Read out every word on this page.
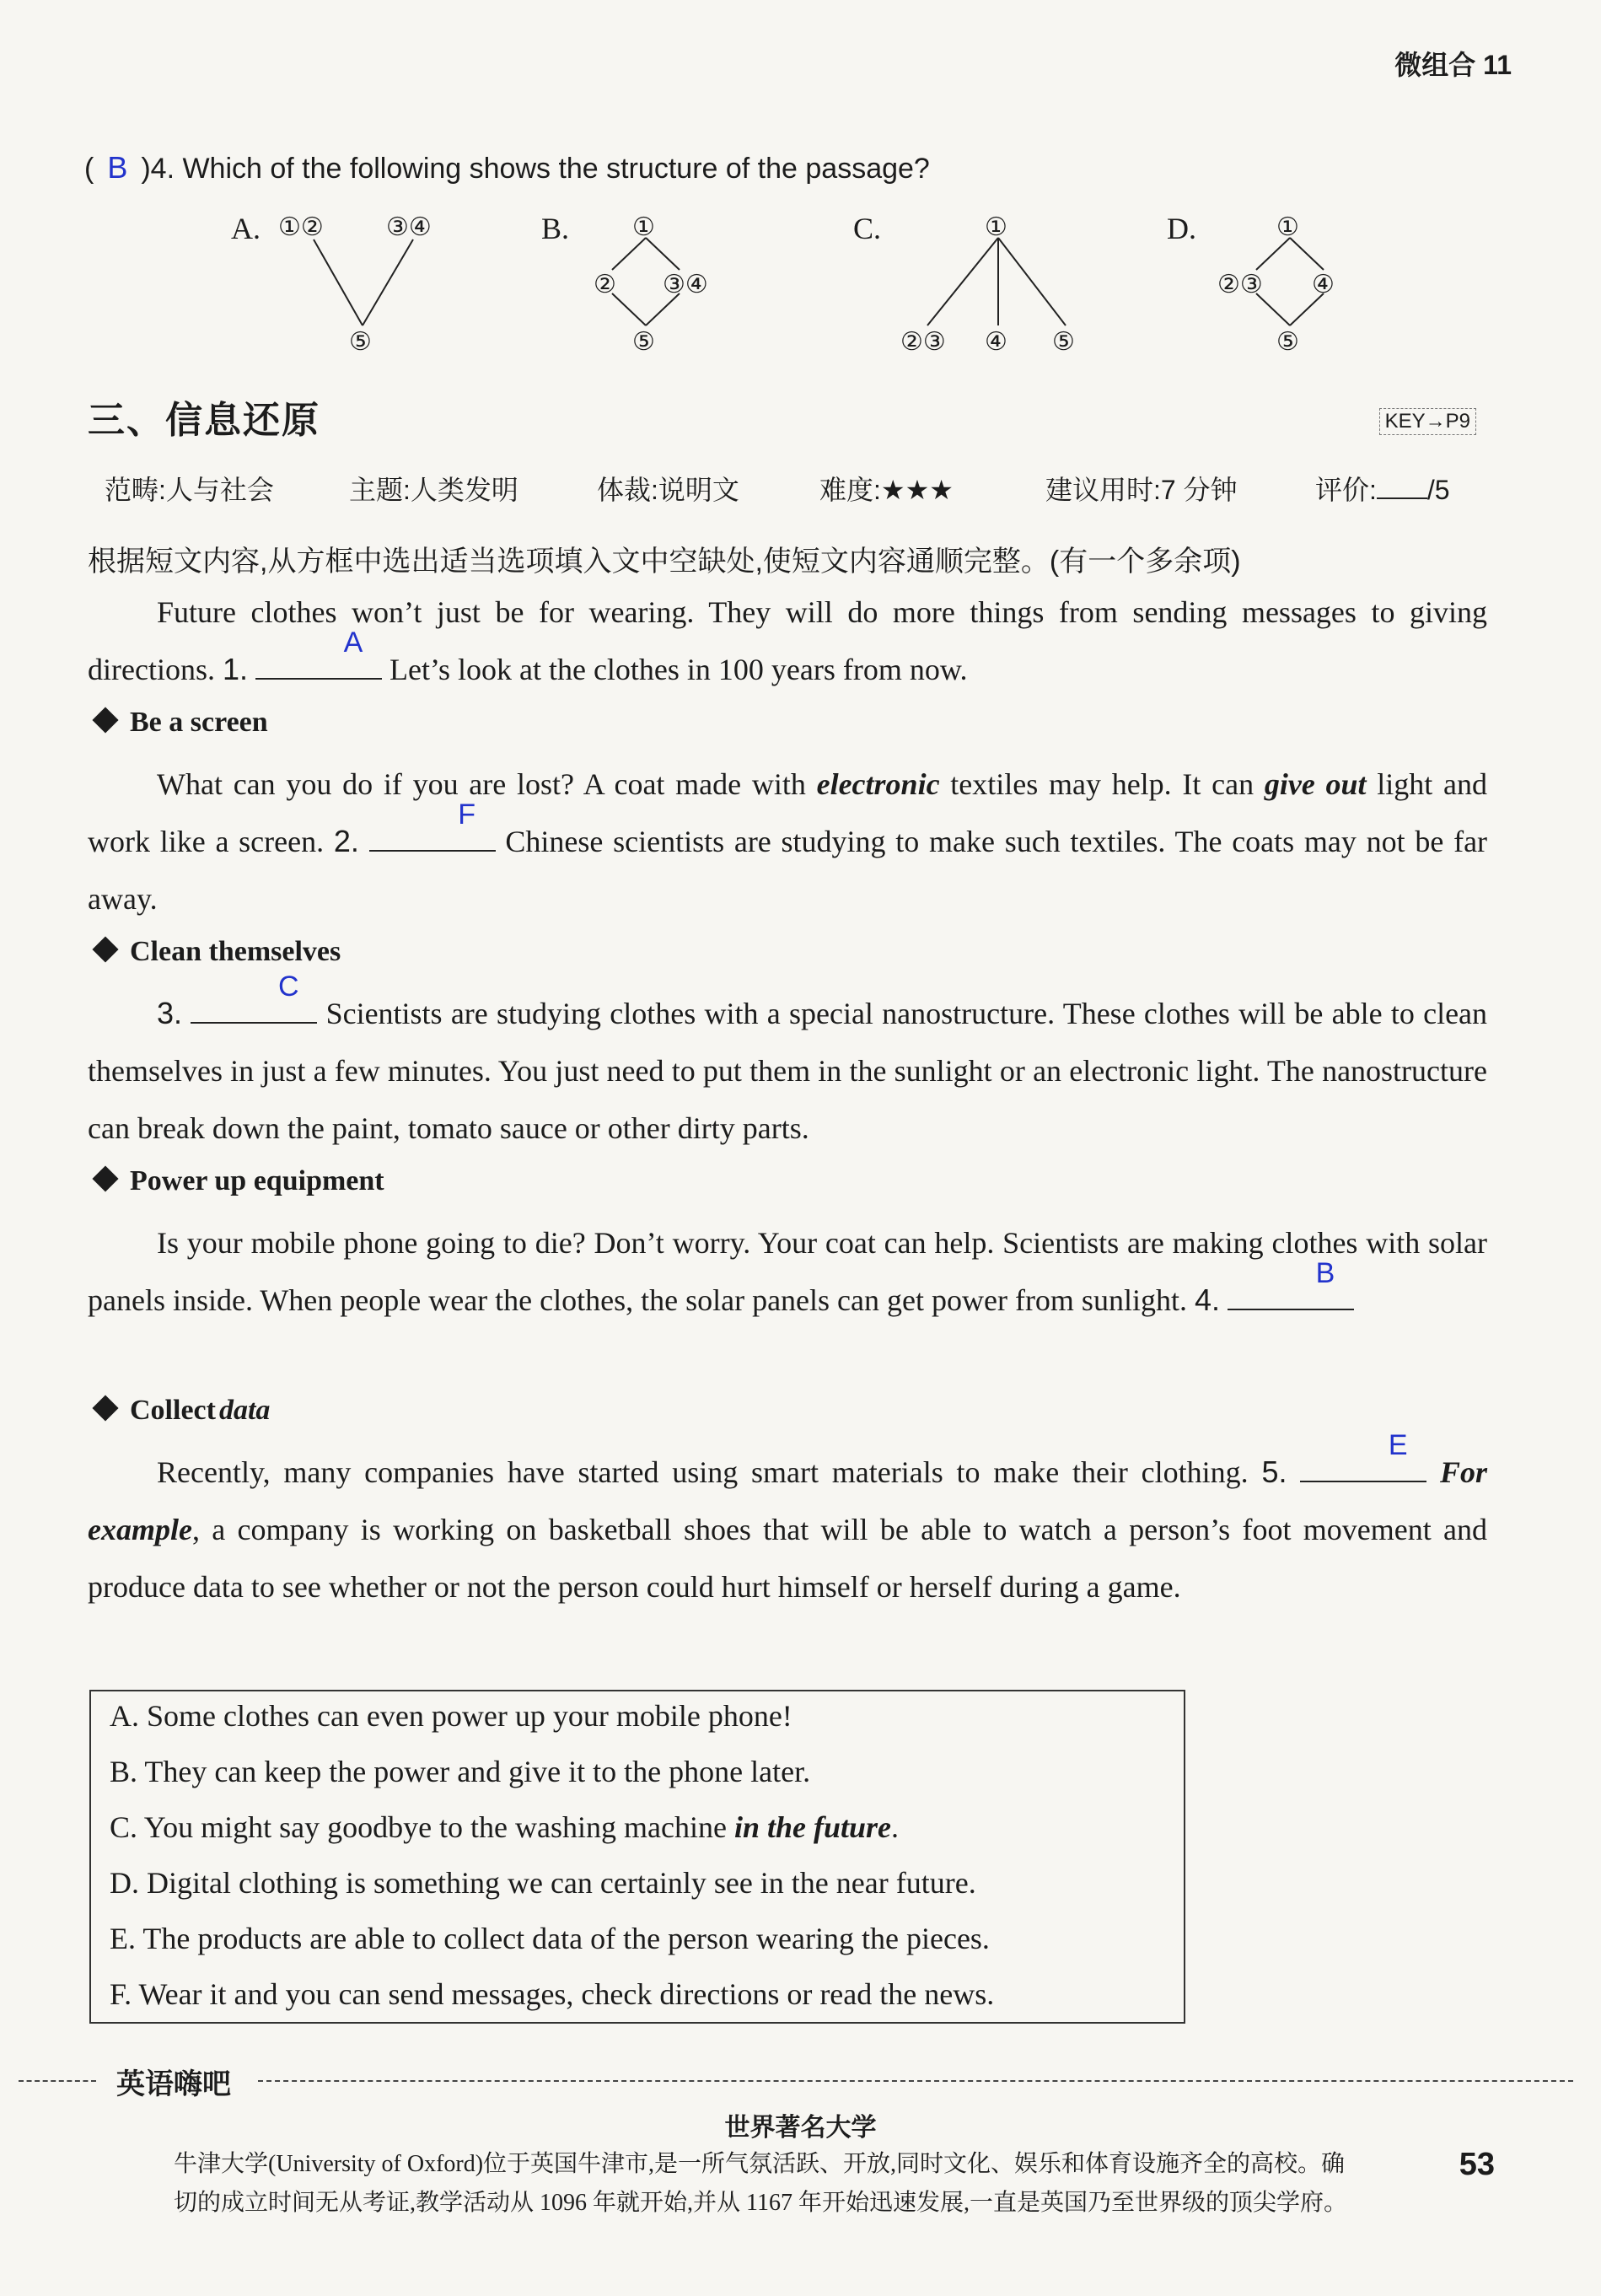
微组合 11
( B )4. Which of the following shows the structure of the passage?
A. ①② ③④
⑤
B. ①
② ③④
⑤
C.	①
②③ ④ ⑤
D.	①
②③ ④
⑤
三、信息还原	KEY→P9
范畴:人与社会	主题:人类发明	体裁:说明文	难度:★★★	建议用时:7 分钟	评价: /5
根据短文内容,从方框中选出适当选项填入文中空缺处,使短文内容通顺完整。(有一个多余项)

Future clothes won’t just be for wearing. They will do more things from sending messages to giving directions. 1.
A
Let’s look at the clothes in 100 years from now.

Be a screen

What can you do if you are lost? A coat made with electronic textiles may help. It can give out light and work like a screen. 2.
F
Chinese scientists are studying to make such textiles. The coats may not be far away.

Clean themselves

3.
C
Scientists are studying clothes with a special nanostructure. These clothes will be able to clean themselves in just a few minutes. You just need to put them in the sunlight or an electronic light. The nanostructure can break down the paint, tomato sauce or other dirty parts.

Power up equipment

Is your mobile phone going to die? Don’t worry. Your coat can help. Scientists are making clothes with solar panels inside. When people wear the clothes, the solar panels can get power from sunlight. 4.
B

Collect data

Recently, many companies have started using smart materials to make their clothing. 5.
E
For example, a company is working on basketball shoes that will be able to watch a person’s foot movement and produce data to see whether or not the person could hurt himself or herself during a game.

A. Some clothes can even power up your mobile phone!
B. They can keep the power and give it to the phone later.
C. You might say goodbye to the washing machine in the future.
D. Digital clothing is something we can certainly see in the near future.
E. The products are able to collect data of the person wearing the pieces.
F. Wear it and you can send messages, check directions or read the news.
英语嗨吧
世界著名大学
牛津大学(University of Oxford)位于英国牛津市,是一所气氛活跃、开放,同时文化、娱乐和体育设施齐全的高校。确
切的成立时间无从考证,教学活动从 1096 年就开始,并从 1167 年开始迅速发展,一直是英国乃至世界级的顶尖学府。
53
